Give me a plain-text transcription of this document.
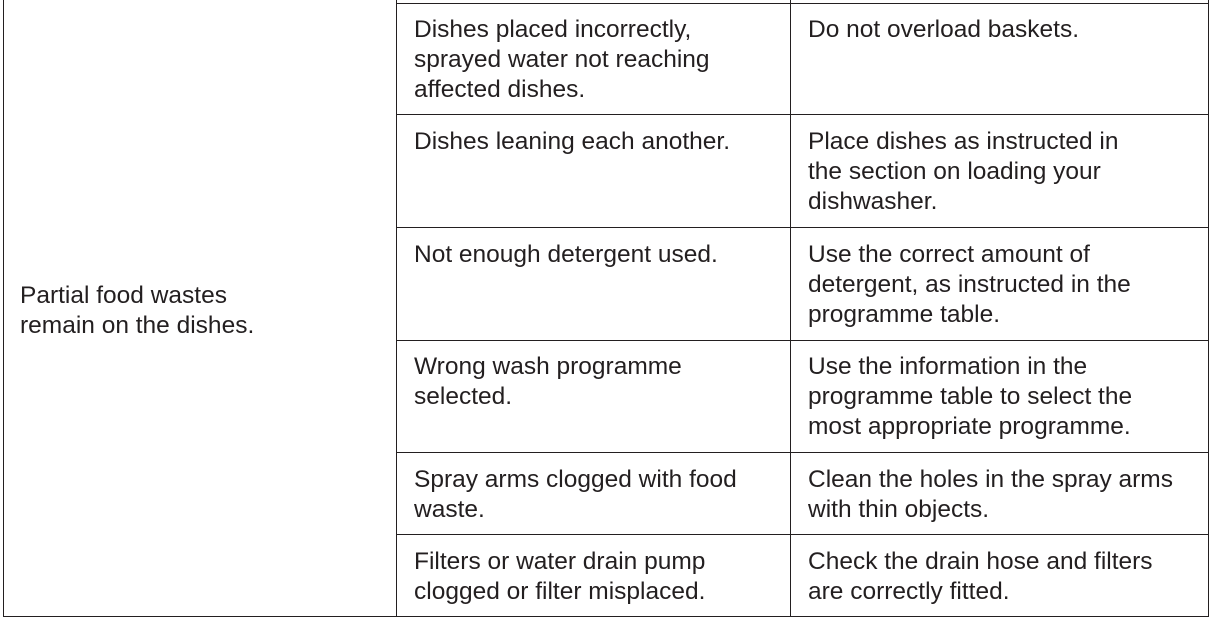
Partial food wastes
remain on the dishes.
Dishes placed incorrectly,
sprayed water not reaching
affected dishes.
Do not overload baskets.
Dishes leaning each another.	Place dishes as instructed in
the section on loading your
dishwasher.
Not enough detergent used.	Use the correct amount of
detergent, as instructed in the
programme table.
Wrong wash programme
selected.
Use the information in the
programme table to select the
most appropriate programme.
Spray arms clogged with food
waste.
Clean the holes in the spray arms
with thin objects.
Filters or water drain pump
clogged or filter misplaced.
Check the drain hose and filters
are correctly fitted.
